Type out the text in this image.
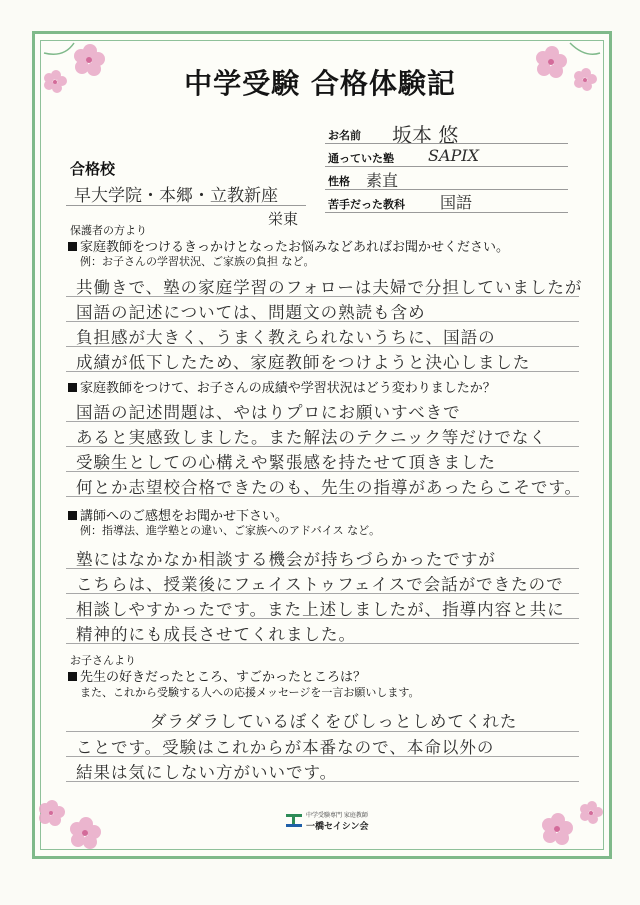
中学受験 合格体験記
お名前 坂本 悠
通っていた塾 SAPIX
性格 素直
苦手だった教科 国語
合格校
早大学院・本郷・立教新座
栄東
保護者の方より
家庭教師をつけるきっかけとなったお悩みなどあればお聞かせください。
例：お子さんの学習状況、ご家族の負担 など。
共働きで、塾の家庭学習のフォローは夫婦で分担していましたが
国語の記述については、問題文の熟読も含め
負担感が大きく、うまく教えられないうちに、国語の
成績が低下したため、家庭教師をつけようと決心しました
家庭教師をつけて、お子さんの成績や学習状況はどう変わりましたか？
国語の記述問題は、やはりプロにお願いすべきで
あると実感致しました。また解法のテクニック等だけでなく
受験生としての心構えや緊張感を持たせて頂きました
何とか志望校合格できたのも、先生の指導があったらこそです。
講師へのご感想をお聞かせ下さい。
例：指導法、進学塾との違い、ご家族へのアドバイス など。
塾にはなかなか相談する機会が持ちづらかったですが
こちらは、授業後にフェイストゥフェイスで会話ができたので
相談しやすかったです。また上述しましたが、指導内容と共に
精神的にも成長させてくれました。
お子さんより
先生の好きだったところ、すごかったところは？
また、これから受験する人への応援メッセージを一言お願いします。
ダラダラしているぼくをびしっとしめてくれた
ことです。受験はこれからが本番なので、本命以外の
結果は気にしない方がいいです。
中学受験専門 家庭教師
一橋セイシン会
